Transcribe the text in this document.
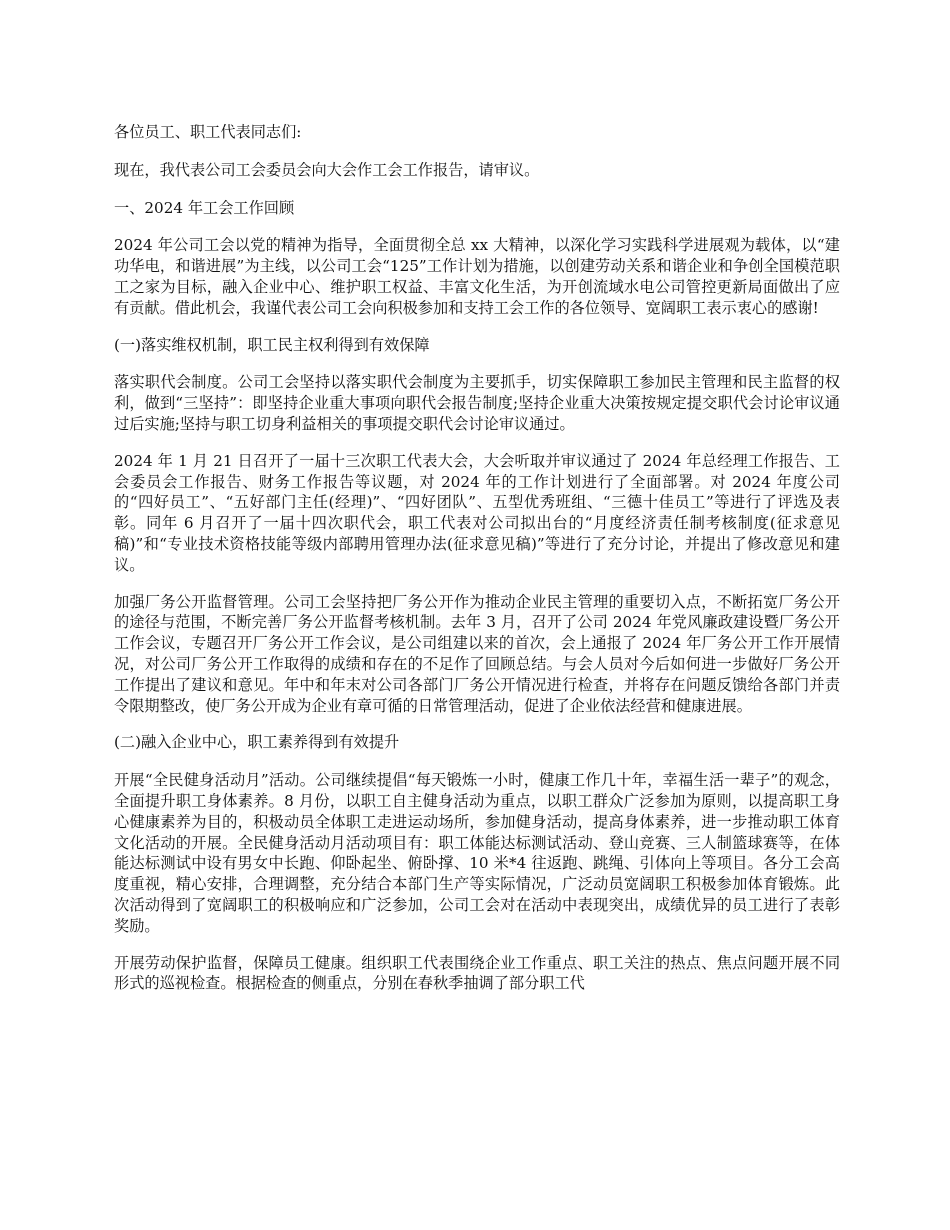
各位员工、职工代表同志们:

现在，我代表公司工会委员会向大会作工会工作报告，请审议。

一、2024 年工会工作回顾

2024 年公司工会以党的精神为指导，全面贯彻全总 xx 大精神，以深化学习实践科学进展观为载体，以“建功华电，和谐进展”为主线，以公司工会“125”工作计划为措施，以创建劳动关系和谐企业和争创全国模范职工之家为目标，融入企业中心、维护职工权益、丰富文化生活，为开创流域水电公司管控更新局面做出了应有贡献。借此机会，我谨代表公司工会向积极参加和支持工会工作的各位领导、宽阔职工表示衷心的感谢!

(一)落实维权机制，职工民主权利得到有效保障

落实职代会制度。公司工会坚持以落实职代会制度为主要抓手，切实保障职工参加民主管理和民主监督的权利，做到“三坚持”：即坚持企业重大事项向职代会报告制度;坚持企业重大决策按规定提交职代会讨论审议通过后实施;坚持与职工切身利益相关的事项提交职代会讨论审议通过。

2024 年 1 月 21 日召开了一届十三次职工代表大会，大会听取并审议通过了 2024 年总经理工作报告、工会委员会工作报告、财务工作报告等议题，对 2024 年的工作计划进行了全面部署。对 2024 年度公司的“四好员工”、“五好部门主任(经理)”、“四好团队”、五型优秀班组、“三德十佳员工”等进行了评选及表彰。同年 6 月召开了一届十四次职代会，职工代表对公司拟出台的“月度经济责任制考核制度(征求意见稿)”和“专业技术资格技能等级内部聘用管理办法(征求意见稿)”等进行了充分讨论，并提出了修改意见和建议。

加强厂务公开监督管理。公司工会坚持把厂务公开作为推动企业民主管理的重要切入点，不断拓宽厂务公开的途径与范围，不断完善厂务公开监督考核机制。去年 3 月，召开了公司 2024 年党风廉政建设暨厂务公开工作会议，专题召开厂务公开工作会议，是公司组建以来的首次，会上通报了 2024 年厂务公开工作开展情况，对公司厂务公开工作取得的成绩和存在的不足作了回顾总结。与会人员对今后如何进一步做好厂务公开工作提出了建议和意见。年中和年末对公司各部门厂务公开情况进行检查，并将存在问题反馈给各部门并责令限期整改，使厂务公开成为企业有章可循的日常管理活动，促进了企业依法经营和健康进展。

(二)融入企业中心，职工素养得到有效提升

开展“全民健身活动月”活动。公司继续提倡“每天锻炼一小时，健康工作几十年，幸福生活一辈子”的观念，全面提升职工身体素养。8 月份，以职工自主健身活动为重点，以职工群众广泛参加为原则，以提高职工身心健康素养为目的，积极动员全体职工走进运动场所，参加健身活动，提高身体素养，进一步推动职工体育文化活动的开展。全民健身活动月活动项目有：职工体能达标测试活动、登山竞赛、三人制篮球赛等，在体能达标测试中设有男女中长跑、仰卧起坐、俯卧撑、10 米*4 往返跑、跳绳、引体向上等项目。各分工会高度重视，精心安排，合理调整，充分结合本部门生产等实际情况，广泛动员宽阔职工积极参加体育锻炼。此次活动得到了宽阔职工的积极响应和广泛参加，公司工会对在活动中表现突出，成绩优异的员工进行了表彰奖励。

开展劳动保护监督，保障员工健康。组织职工代表围绕企业工作重点、职工关注的热点、焦点问题开展不同形式的巡视检查。根据检查的侧重点，分别在春秋季抽调了部分职工代
